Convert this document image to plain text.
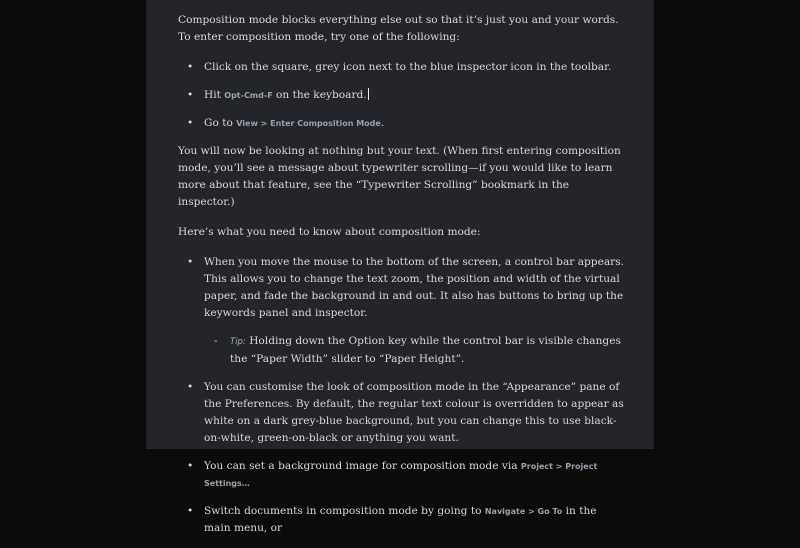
Composition mode blocks everything else out so that it’s just you and your words. To enter composition mode, try one of the following:

• Click on the square, grey icon next to the blue inspector icon in the toolbar.
• Hit Opt-Cmd-F on the keyboard.
• Go to View > Enter Composition Mode.

You will now be looking at nothing but your text. (When first entering composition mode, you’ll see a message about typewriter scrolling—if you would like to learn more about that feature, see the “Typewriter Scrolling” bookmark in the inspector.)

Here’s what you need to know about composition mode:

• When you move the mouse to the bottom of the screen, a control bar appears. This allows you to change the text zoom, the position and width of the virtual paper, and fade the background in and out. It also has buttons to bring up the keywords panel and inspector.
- Tip: Holding down the Option key while the control bar is visible changes the “Paper Width” slider to “Paper Height”.
• You can customise the look of composition mode in the “Appearance” pane of the Preferences. By default, the regular text colour is overridden to appear as white on a dark grey-blue background, but you can change this to use black-on-white, green-on-black or anything you want.
• You can set a background image for composition mode via Project > Project Settings…
• Switch documents in composition mode by going to Navigate > Go To in the main menu, or
